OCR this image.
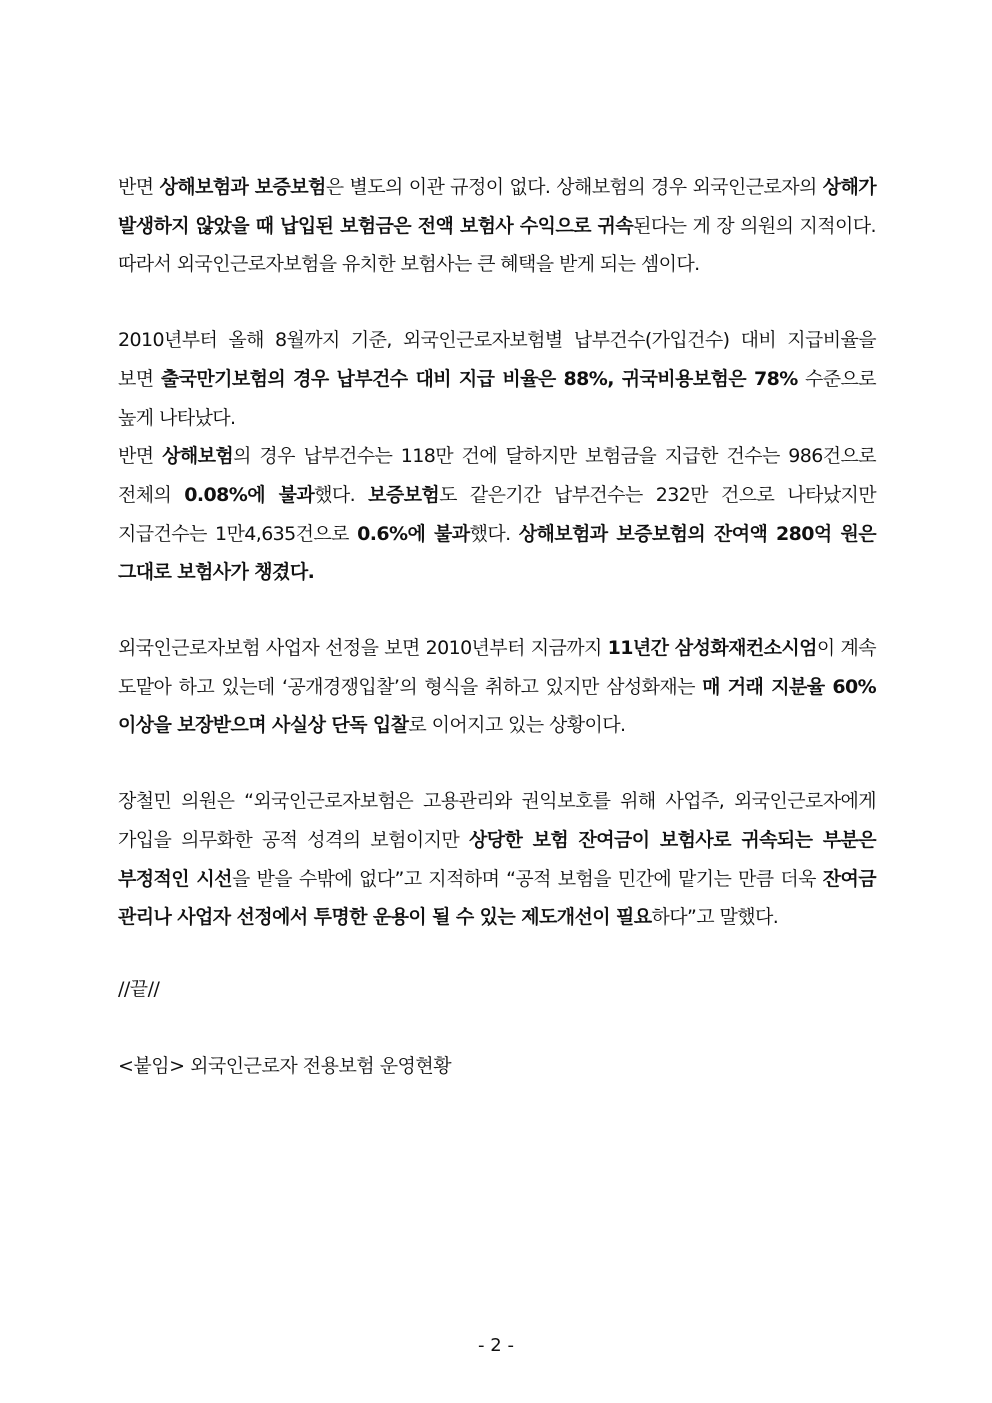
반면 상해보험과 보증보험은 별도의 이관 규정이 없다. 상해보험의 경우 외국인근로자의 상해가 발생하지 않았을 때 납입된 보험금은 전액 보험사 수익으로 귀속된다는 게 장 의원의 지적이다. 따라서 외국인근로자보험을 유치한 보험사는 큰 혜택을 받게 되는 셈이다.

2010년부터 올해 8월까지 기준, 외국인근로자보험별 납부건수(가입건수) 대비 지급비율을 보면 출국만기보험의 경우 납부건수 대비 지급 비율은 88%, 귀국비용보험은 78% 수준으로 높게 나타났다.

반면 상해보험의 경우 납부건수는 118만 건에 달하지만 보험금을 지급한 건수는 986건으로 전체의 0.08%에 불과했다. 보증보험도 같은기간 납부건수는 232만 건으로 나타났지만 지급건수는 1만4,635건으로 0.6%에 불과했다. 상해보험과 보증보험의 잔여액 280억 원은 그대로 보험사가 챙겼다.

외국인근로자보험 사업자 선정을 보면 2010년부터 지금까지 11년간 삼성화재컨소시엄이 계속 도맡아 하고 있는데 ‘공개경쟁입찰’의 형식을 취하고 있지만 삼성화재는 매 거래 지분율 60% 이상을 보장받으며 사실상 단독 입찰로 이어지고 있는 상황이다.

장철민 의원은 “외국인근로자보험은 고용관리와 권익보호를 위해 사업주, 외국인근로자에게 가입을 의무화한 공적 성격의 보험이지만 상당한 보험 잔여금이 보험사로 귀속되는 부분은 부정적인 시선을 받을 수밖에 없다”고 지적하며 “공적 보험을 민간에 맡기는 만큼 더욱 잔여금 관리나 사업자 선정에서 투명한 운용이 될 수 있는 제도개선이 필요하다”고 말했다.

//끝//
<붙임> 외국인근로자 전용보험 운영현황
- 2 -
